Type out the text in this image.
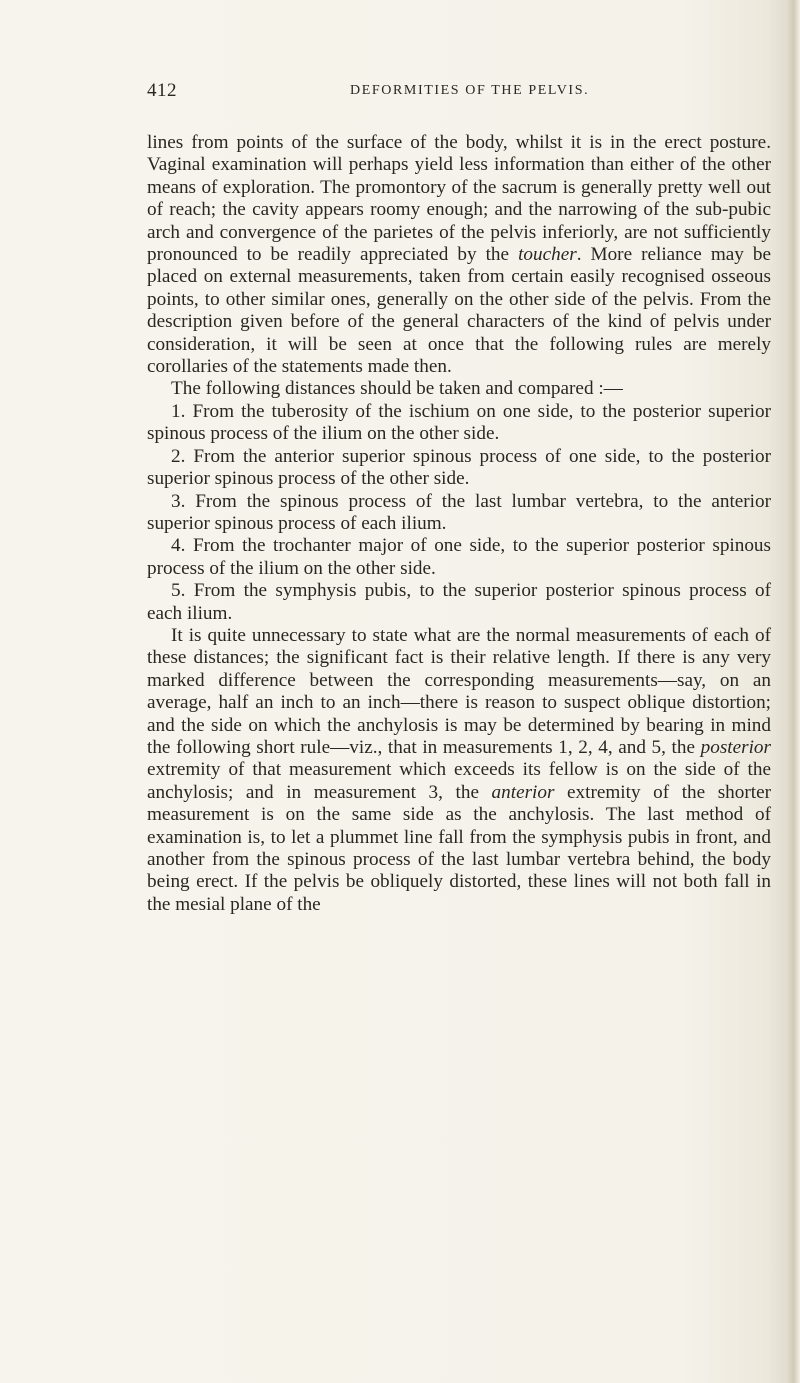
412	DEFORMITIES OF THE PELVIS.

lines from points of the surface of the body, whilst it is in the erect posture. Vaginal examination will perhaps yield less information than either of the other means of exploration. The promontory of the sacrum is generally pretty well out of reach; the cavity appears roomy enough; and the narrowing of the sub-pubic arch and convergence of the parietes of the pelvis inferiorly, are not sufficiently pronounced to be readily appreciated by the toucher. More reliance may be placed on external measurements, taken from certain easily recognised osseous points, to other similar ones, generally on the other side of the pelvis. From the description given before of the general characters of the kind of pelvis under consideration, it will be seen at once that the following rules are merely corollaries of the statements made then.

The following distances should be taken and compared :—

1. From the tuberosity of the ischium on one side, to the posterior superior spinous process of the ilium on the other side.

2. From the anterior superior spinous process of one side, to the posterior superior spinous process of the other side.

3. From the spinous process of the last lumbar vertebra, to the anterior superior spinous process of each ilium.

4. From the trochanter major of one side, to the superior posterior spinous process of the ilium on the other side.

5. From the symphysis pubis, to the superior posterior spinous process of each ilium.

It is quite unnecessary to state what are the normal measurements of each of these distances; the significant fact is their relative length. If there is any very marked difference between the corresponding measurements—say, on an average, half an inch to an inch—there is reason to suspect oblique distortion; and the side on which the anchylosis is may be determined by bearing in mind the following short rule—viz., that in measurements 1, 2, 4, and 5, the posterior extremity of that measurement which exceeds its fellow is on the side of the anchylosis; and in measurement 3, the anterior extremity of the shorter measurement is on the same side as the anchylosis. The last method of examination is, to let a plummet line fall from the symphysis pubis in front, and another from the spinous process of the last lumbar vertebra behind, the body being erect. If the pelvis be obliquely distorted, these lines will not both fall in the mesial plane of the
